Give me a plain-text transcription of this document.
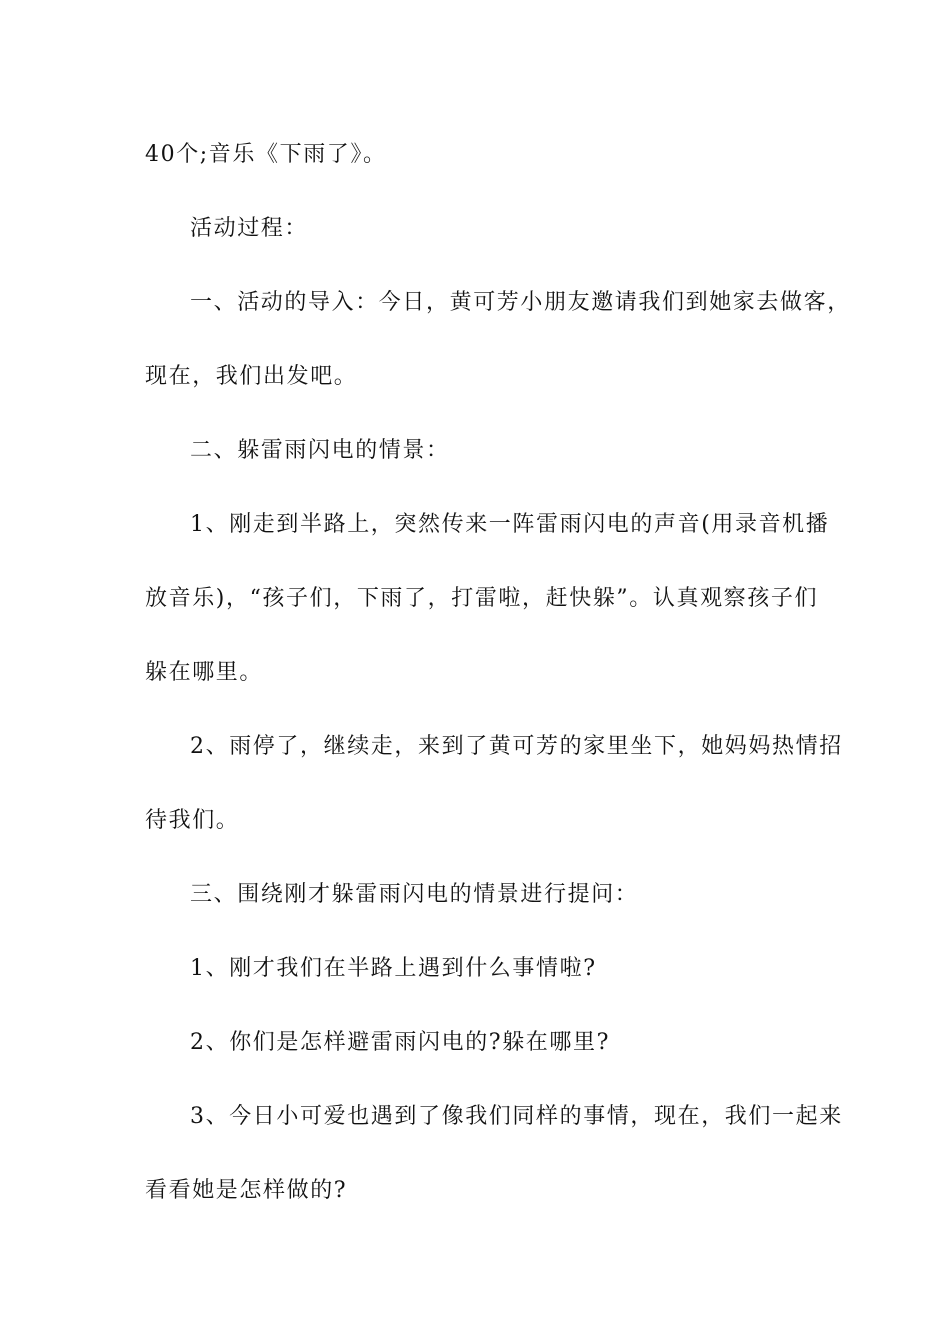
40个;音乐《下雨了》。
活动过程：
一、活动的导入：今日，黄可芳小朋友邀请我们到她家去做客，
现在，我们出发吧。
二、躲雷雨闪电的情景：
1、刚走到半路上，突然传来一阵雷雨闪电的声音(用录音机播
放音乐)，“孩子们，下雨了，打雷啦，赶快躲”。认真观察孩子们
躲在哪里。
2、雨停了，继续走，来到了黄可芳的家里坐下，她妈妈热情招
待我们。
三、围绕刚才躲雷雨闪电的情景进行提问：
1、刚才我们在半路上遇到什么事情啦?
2、你们是怎样避雷雨闪电的?躲在哪里?
3、今日小可爱也遇到了像我们同样的事情，现在，我们一起来
看看她是怎样做的?
